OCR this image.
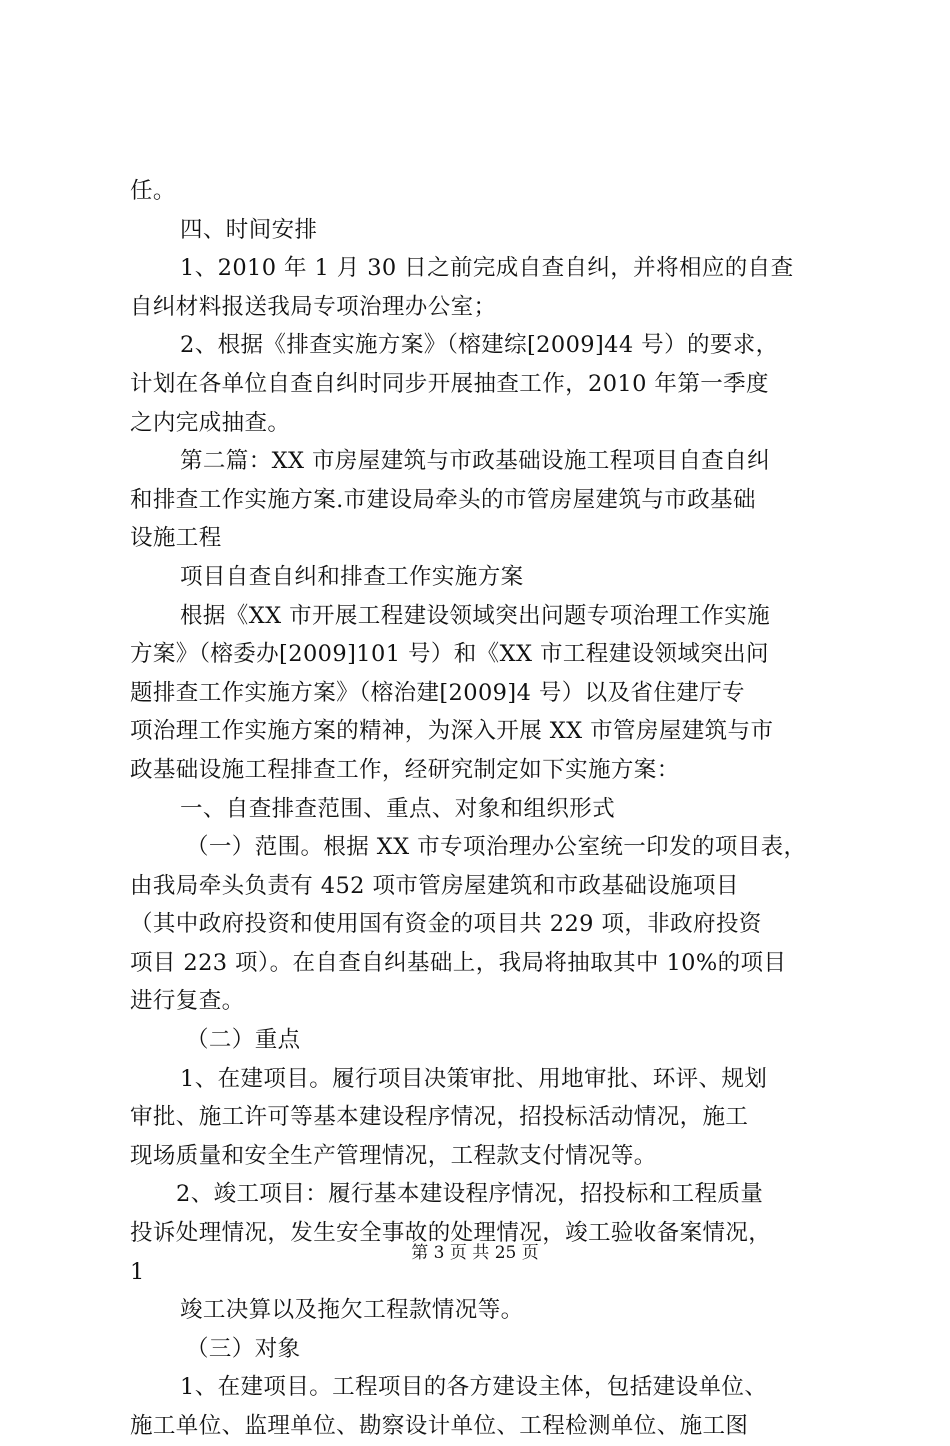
任。
四、时间安排
1、2010 年 1 月 30 日之前完成自查自纠，并将相应的自查
自纠材料报送我局专项治理办公室；
2、根据《排查实施方案》（榕建综[2009]44 号）的要求，
计划在各单位自查自纠时同步开展抽查工作，2010 年第一季度
之内完成抽查。
第二篇：XX 市房屋建筑与市政基础设施工程项目自查自纠
和排查工作实施方案.市建设局牵头的市管房屋建筑与市政基础
设施工程
项目自查自纠和排查工作实施方案
根据《XX 市开展工程建设领域突出问题专项治理工作实施
方案》（榕委办[2009]101 号）和《XX 市工程建设领域突出问
题排查工作实施方案》（榕治建[2009]4 号）以及省住建厅专
项治理工作实施方案的精神，为深入开展 XX 市管房屋建筑与市
政基础设施工程排查工作，经研究制定如下实施方案：
一、自查排查范围、重点、对象和组织形式
（一）范围。根据 XX 市专项治理办公室统一印发的项目表，
由我局牵头负责有 452 项市管房屋建筑和市政基础设施项目
（其中政府投资和使用国有资金的项目共 229 项，非政府投资
项目 223 项）。在自查自纠基础上，我局将抽取其中 10%的项目
进行复查。
（二）重点
1、在建项目。履行项目决策审批、用地审批、环评、规划
审批、施工许可等基本建设程序情况，招投标活动情况，施工
现场质量和安全生产管理情况，工程款支付情况等。
2、竣工项目：履行基本建设程序情况，招投标和工程质量
投诉处理情况，发生安全事故的处理情况，竣工验收备案情况，
1
竣工决算以及拖欠工程款情况等。
（三）对象
1、在建项目。工程项目的各方建设主体，包括建设单位、
施工单位、监理单位、勘察设计单位、工程检测单位、施工图
第 3 页 共 25 页
